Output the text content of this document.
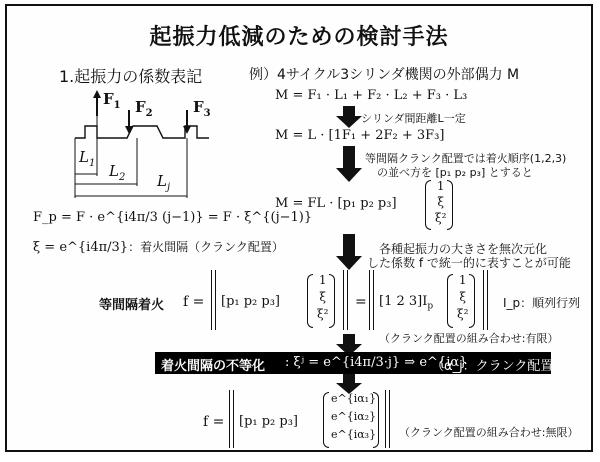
起振力低減のための検討手法
1.起振力の係数表記	例）4サイクル3シリンダ機関の外部偶力 M
$F_1$ $F_2$	$F_3$
$L_1$ $L_2$ $L_j$
F_p = F · e^{i4π/3 (j−1)} = F · ξ^{(j−1)}
ξ = e^{i4π/3}：着火間隔（クランク配置）
M = F₁ · L₁ + F₂ · L₂ + F₃ · L₃
シリンダ間距離L一定
M = L · [1F₁ + 2F₂ + 3F₃]
等間隔クランク配置では着火順序(1,2,3)
の並べ方を [p₁ p₂ p₃] とすると
M = FL · [p₁ p₂ p₃]
1
ξ
ξ²
各種起振力の大きさを無次元化
した係数 f で統一的に表すことが可能
等間隔着火 f = [p₁ p₂ p₃]
1
ξ
ξ²
= [1 2 $3]I_p$
1
ξ
ξ²
I_p：順列行列
（クランク配置の組み合わせ:有限）
着火間隔の不等化 : ξʲ = e^{i4π/3·j} ⇒ e^{iα}
（α_j：クランク配置角 ）
f = [p₁ p₂ p₃]
e^{iα₁}
e^{iα₂}
e^{iα₃} （クランク配置の組み合わせ:無限）
